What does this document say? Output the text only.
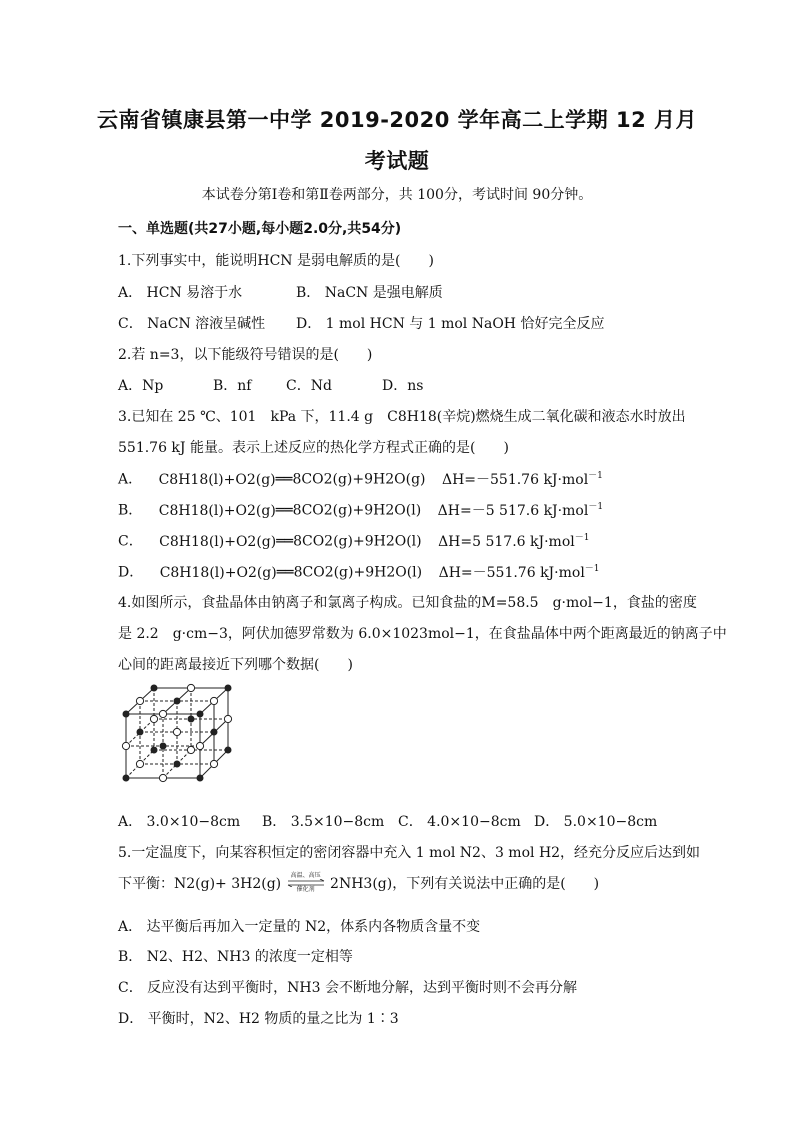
云南省镇康县第一中学 2019-2020 学年高二上学期 12 月月
考试题
本试卷分第Ⅰ卷和第Ⅱ卷两部分，共 100分，考试时间 90分钟。
一、单选题(共27小题,每小题2.0分,共54分)
1.下列事实中，能说明HCN 是弱电解质的是(　　)
A． HCN 易溶于水	B． NaCN 是强电解质
C． NaCN 溶液呈碱性 D． 1 mol HCN 与 1 mol NaOH 恰好完全反应
2.若 n=3，以下能级符号错误的是(　　)
A．Np	B．nf C．Nd	D．ns
3.已知在 25 ℃、101　kPa 下，11.4 g　C8H18(辛烷)燃烧生成二氧化碳和液态水时放出
551.76 kJ 能量。表示上述反应的热化学方程式正确的是(　　)
A． C8H18(l)+O2(g)══8CO2(g)+9H2O(g) ΔH=－551.76 kJ·mol$^{-1}$
B． C8H18(l)+O2(g)══8CO2(g)+9H2O(l) ΔH=－5 517.6 kJ·mol$^{-1}$
C． C8H18(l)+O2(g)══8CO2(g)+9H2O(l) ΔH=5 517.6 kJ·mol$^{-1}$
D． C8H18(l)+O2(g)══8CO2(g)+9H2O(l) ΔH=－551.76 kJ·mol$^{-1}$
4.如图所示，食盐晶体由钠离子和氯离子构成。已知食盐的M=58.5　g·mol−1，食盐的密度
是 2.2　g·cm−3，阿伏加德罗常数为 6.0×1023mol−1，在食盐晶体中两个距离最近的钠离子中
心间的距离最接近下列哪个数据(　　)
A． 3.0×10−8cm B． 3.5×10−8cm C． 4.0×10−8cm D． 5.0×10−8cm
5.一定温度下，向某容积恒定的密闭容器中充入 1 mol N2、3 mol H2，经充分反应后达到如
下平衡：N2(g)+ 3H2(g)
高温、高压
催化剂	2NH3(g)，下列有关说法中正确的是(　　)
A． 达平衡后再加入一定量的 N2，体系内各物质含量不变
B． N2、H2、NH3 的浓度一定相等
C． 反应没有达到平衡时，NH3 会不断地分解，达到平衡时则不会再分解
D． 平衡时，N2、H2 物质的量之比为 1∶3
